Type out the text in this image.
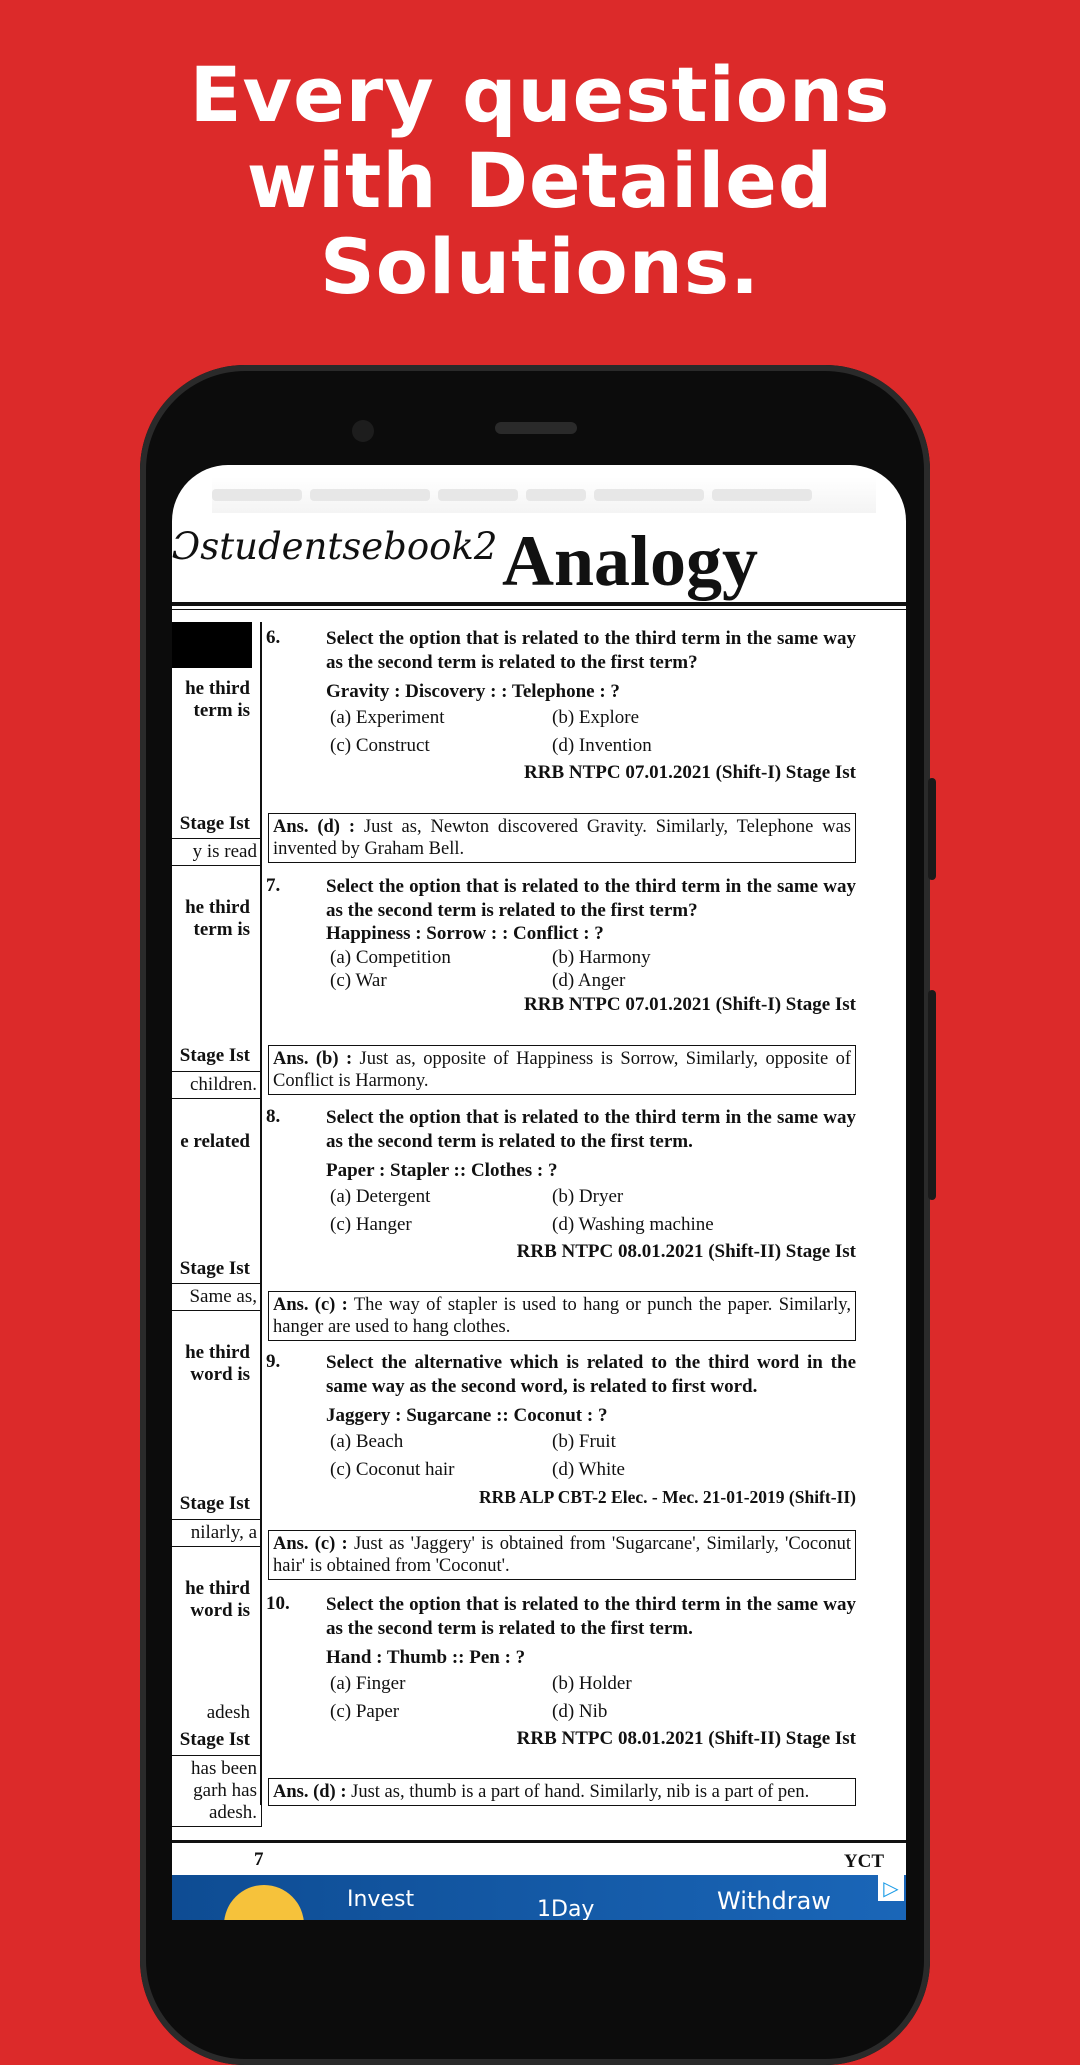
Every questions
with Detailed
Solutions.
Ɔstudentsebook2 Analogy
he third
term is
Stage Ist
y is read
he third
term is
Stage Ist
children.
e related
Stage Ist
Same as,
he third
word is
Stage Ist
nilarly, a
he third
word is
adesh
Stage Ist
has been
garh has
adesh.
6. Select the option that is related to the third term in the same way as the second term is related to the first term?
Gravity : Discovery : : Telephone : ?
(a) Experiment	(b) Explore
(c) Construct	(d) Invention
RRB NTPC 07.01.2021 (Shift-I) Stage Ist
Ans. (d) : Just as, Newton discovered Gravity. Similarly, Telephone was invented by Graham Bell.
7. Select the option that is related to the third term in the same way as the second term is related to the first term?
Happiness : Sorrow : : Conflict : ?
(a) Competition	(b) Harmony
(c) War	(d) Anger
RRB NTPC 07.01.2021 (Shift-I) Stage Ist
Ans. (b) : Just as, opposite of Happiness is Sorrow, Similarly, opposite of Conflict is Harmony.
8. Select the option that is related to the third term in the same way as the second term is related to the first term.
Paper : Stapler :: Clothes : ?
(a) Detergent	(b) Dryer
(c) Hanger	(d) Washing machine
RRB NTPC 08.01.2021 (Shift-II) Stage Ist
Ans. (c) : The way of stapler is used to hang or punch the paper. Similarly, hanger are used to hang clothes.
9. Select the alternative which is related to the third word in the same way as the second word, is related to first word.
Jaggery : Sugarcane :: Coconut : ?
(a) Beach	(b) Fruit
(c) Coconut hair	(d) White
RRB ALP CBT-2 Elec. - Mec. 21-01-2019 (Shift-II)
Ans. (c) : Just as 'Jaggery' is obtained from 'Sugarcane', Similarly, 'Coconut hair' is obtained from 'Coconut'.
10. Select the option that is related to the third term in the same way as the second term is related to the first term.
Hand : Thumb :: Pen : ?
(a) Finger	(b) Holder
(c) Paper	(d) Nib
RRB NTPC 08.01.2021 (Shift-II) Stage Ist
Ans. (d) : Just as, thumb is a part of hand. Similarly, nib is a part of pen.
7	YCT
Invest	1Day	Withdraw	▷
